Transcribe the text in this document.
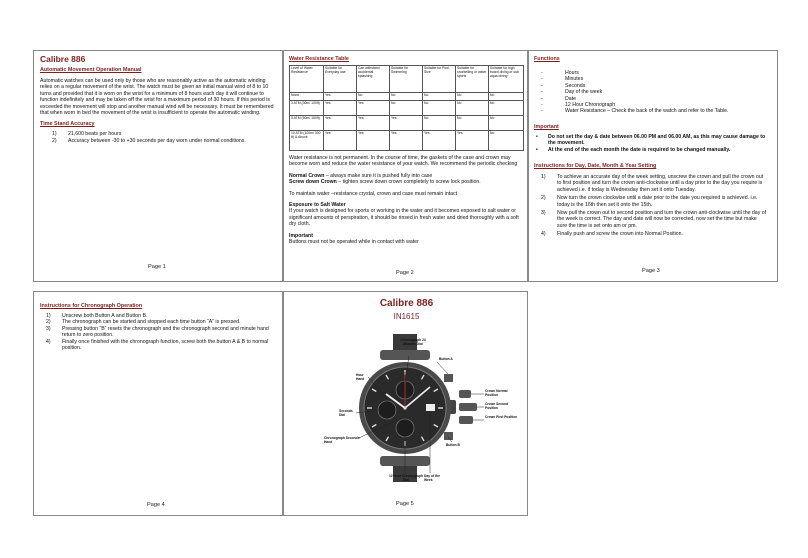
Calibre 886
Automatic Movement Operation Manual
Automatic watches can be used only by those who are reasonably active as the automatic winding relies on a regular movement of the wrist. The watch must be given an initial manual wind of 8 to 10 turns and provided that it is worn on the wrist for a minimum of 8 hours each day it will continue to function indefinitely and may be taken off the wrist for a maximum period of 30 hours. If this period is exceeded the movement will stop and another manual wind will be necessary. It must be remembered that when worn in bed the movement of the wrist is insufficient to operate the automatic winding.
Time Stand Accuracy
1)	21,600 beats per hours
2)	Accuracy between -30 to +30 seconds per day worn under normal conditions.
Page 1
Water Resistance Table
Level of Water Resistance	Suitable for Everyday use	Can withstand accidental splashing	Suitable for Swimming	Suitable for Pool Size	Suitable for snorkelling or water sports	Suitable for high board diving or sub aqua diving
None	Yes	No	No	No	No	No
3 ATM (30m/ 100ft)	Yes	Yes	No	No	No	No
5 ATM (50m/ 150ft)	Yes	Yes	Yes	No	No	No
10 ATM (100m/ 300 ft) & Above	Yes	Yes	Yes	Yes	Yes	No
Water resistance is not permanent. In the course of time, the gaskets of the case and crown may become worn and reduce the water resistance of your watch. We recommend the periodic checking
Normal Crown – always make sure it is pushed fully into case
Screw down Crown – tighten screw down crown completely to screw lock position.
To maintain water –resistance crystal, crown and case must remain intact
Exposure to Salt Water
If your watch is designed for sports or working in the water and it becomes exposed to salt water or significant amounts of perspiration, it should be rinsed in fresh water and dried thoroughly with a soft dry cloth.
Important
Buttons must not be operated while in contact with water
Page 2
Functions
-	Hours
-	Minutes
-	Seconds
-	Day of the week
-	Date
-	12 Hour Chronograph
-	Water Resistance – Check the back of the watch and refer to the Table.
Important
•	Do not set the day & date between 06.00 PM and 06.00 AM, as this may cause damage to the movement.
•	At the end of the each month the date is required to be changed manually.
Instructions for Day, Date, Month & Year Setting
1)	To achieve an accurate day of the week setting, unscrew the crown and pull the crown out to first position and turn the crown anti-clockwise until a day prior to the day you require is achieved i.e. if today is Wednesday then set it onto Tuesday.
2)	Now turn the crown clockwise until a date prior to the date you required is achieved. i.e. today is the 16th then set it onto the 15th.
3)	Now pull the crown out to second position and turn the crown anti-clockwise until the day of the week is correct. The day and date will now be corrected, now set the time but make sure the time is set onto am or pm.
4)	Finally push and screw the crown into Normal Position.
Page 3
Instructions for Chronograph Operation
1)	Unscrew both Button A and Button B.
2)	The chronograph can be started and stopped each time button “A” is pressed.
3)	Pressing button “B” resets the chronograph and the chronograph second and minute hand return to zero position.
4)	Finally once finished with the chronograph function, screw both the button A & B to normal position.
Page 4
Calibre 886
IN1615
Chronograph 24 Minutes Dial
Button A
Hour Hand
Crown Normal Position
Seconds Dial
Crown Second Position
Crown First Position
Chronograph Seconds Hand
Button B
12 Hour Chronograph Dial
Day of the Week
Page 5
